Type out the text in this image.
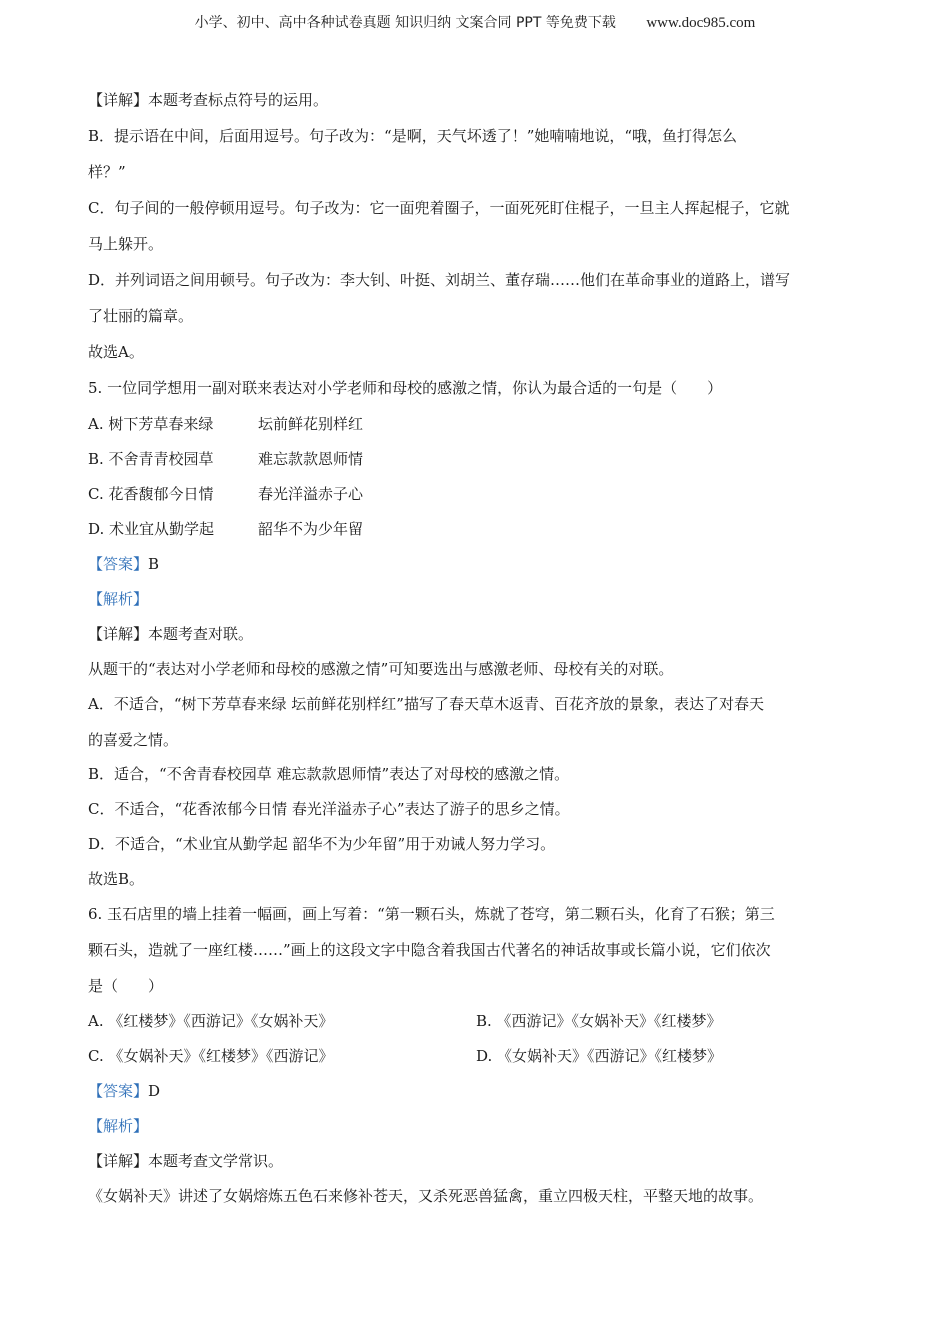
小学、初中、高中各种试卷真题 知识归纳 文案合同 PPT 等免费下载 www.doc985.com

【详解】本题考查标点符号的运用。

B．提示语在中间，后面用逗号。句子改为：“是啊，天气坏透了！”她喃喃地说，“哦，鱼打得怎么

样？”

C．句子间的一般停顿用逗号。句子改为：它一面兜着圈子，一面死死盯住棍子，一旦主人挥起棍子，它就

马上躲开。

D．并列词语之间用顿号。句子改为：李大钊、叶挺、刘胡兰、董存瑞……他们在革命事业的道路上，谱写

了壮丽的篇章。

故选A。

5. 一位同学想用一副对联来表达对小学老师和母校的感激之情，你认为最合适的一句是（　　）

A. 树下芳草春来绿	坛前鲜花别样红

B. 不舍青青校园草	难忘款款恩师情

C. 花香馥郁今日情	春光洋溢赤子心

D. 术业宜从勤学起	韶华不为少年留

【答案】B

【解析】

【详解】本题考查对联。

从题干的“表达对小学老师和母校的感激之情”可知要选出与感激老师、母校有关的对联。

A．不适合，“树下芳草春来绿 坛前鲜花别样红”描写了春天草木返青、百花齐放的景象，表达了对春天

的喜爱之情。

B．适合，“不舍青春校园草 难忘款款恩师情”表达了对母校的感激之情。

C．不适合，“花香浓郁今日情 春光洋溢赤子心”表达了游子的思乡之情。

D．不适合，“术业宜从勤学起 韶华不为少年留”用于劝诫人努力学习。

故选B。

6. 玉石店里的墙上挂着一幅画，画上写着：“第一颗石头，炼就了苍穹，第二颗石头，化育了石猴；第三

颗石头，造就了一座红楼……”画上的这段文字中隐含着我国古代著名的神话故事或长篇小说，它们依次

是（　　）

A. 《红楼梦》《西游记》《女娲补天》	B. 《西游记》《女娲补天》《红楼梦》

C. 《女娲补天》《红楼梦》《西游记》	D. 《女娲补天》《西游记》《红楼梦》

【答案】D

【解析】

【详解】本题考查文学常识。

《女娲补天》讲述了女娲熔炼五色石来修补苍天，又杀死恶兽猛禽，重立四极天柱，平整天地的故事。
